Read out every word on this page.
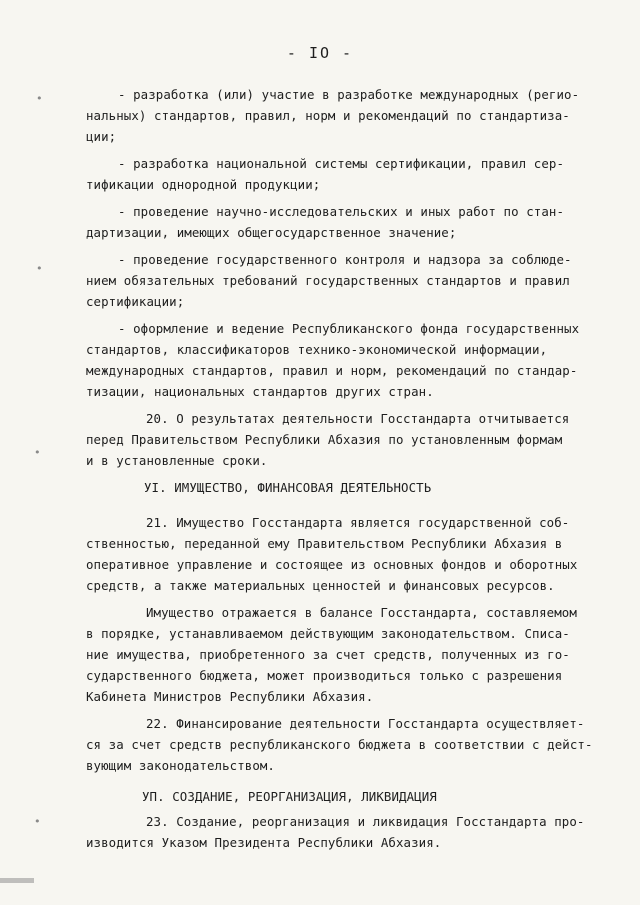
- IO -
•
•
•
•
- разработка (или) участие в разработке международных (регио-
нальных) стандартов, правил, норм и рекомендаций по стандартиза-
ции;
- разработка национальной системы сертификации, правил сер-
тификации однородной продукции;
- проведение научно-исследовательских и иных работ по стан-
дартизации, имеющих общегосударственное значение;
- проведение государственного контроля и надзора за соблюде-
нием обязательных требований государственных стандартов и правил
сертификации;
- оформление и ведение Республиканского фонда государственных
стандартов, классификаторов технико-экономической информации,
международных стандартов, правил и норм, рекомендаций по стандар-
тизации, национальных стандартов других стран.
20. О результатах деятельности Госстандарта отчитывается
перед Правительством Республики Абхазия по установленным формам
и в установленные сроки.
УI. ИМУЩЕСТВО, ФИНАНСОВАЯ ДЕЯТЕЛЬНОСТЬ
21. Имущество Госстандарта является государственной соб-
ственностью, переданной ему Правительством Республики Абхазия в
оперативное управление и состоящее из основных фондов и оборотных
средств, а также материальных ценностей и финансовых ресурсов.
Имущество отражается в балансе Госстандарта, составляемом
в порядке, устанавливаемом действующим законодательством. Списа-
ние имущества, приобретенного за счет средств, полученных из го-
сударственного бюджета, может производиться только с разрешения
Кабинета Министров Республики Абхазия.
22. Финансирование деятельности Госстандарта осуществляет-
ся за счет средств республиканского бюджета в соответствии с дейст-
вующим законодательством.
УП. СОЗДАНИЕ, РЕОРГАНИЗАЦИЯ, ЛИКВИДАЦИЯ
23. Создание, реорганизация и ликвидация Госстандарта про-
изводится Указом Президента Республики Абхазия.
